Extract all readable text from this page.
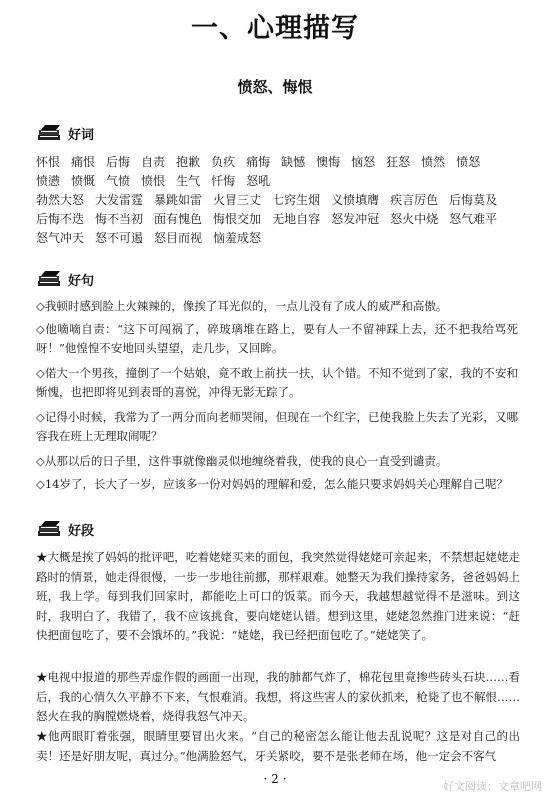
一、心理描写
愤怒、悔恨
好词
怀恨 痛恨 后悔 自责 抱歉 负疚 痛悔 缺憾 懊悔 恼怒 狂怒 愤然 愤怒
愤懑 愤慨 气愤 愤恨 生气 忏悔 怒吼
勃然大怒 大发雷霆 暴跳如雷 火冒三丈 七窍生烟 义愤填膺 疾言厉色 后悔莫及
后悔不迭 悔不当初 面有愧色 悔恨交加 无地自容 怒发冲冠 怒火中烧 怒气难平
怒气冲天 怒不可遏 怒目而视 恼羞成怒
好句
◇我顿时感到脸上火辣辣的，像挨了耳光似的，一点儿没有了成人的威严和高傲。
◇他嘀嘀自责：“这下可闯祸了，碎玻璃堆在路上，要有人一不留神踩上去，还不把我给骂死呀！”他惶惶不安地回头望望，走几步，又回眸。
◇偌大一个男孩，撞倒了一个姑娘，竟不敢上前扶一扶，认个错。不知不觉到了家，我的不安和惭愧，也把即将见到表哥的喜悦，冲得无影无踪了。
◇记得小时候，我常为了一两分而向老师哭闹，但现在一个红字，已使我脸上失去了光彩，又哪容我在班上无理取闹呢？
◇从那以后的日子里，这件事就像幽灵似地缠绕着我，使我的良心一直受到谴责。
◇14岁了，长大了一岁，应该多一份对妈妈的理解和爱，怎么能只要求妈妈关心理解自己呢？
好段
★大概是挨了妈妈的批评吧，吃着姥姥买来的面包，我突然觉得姥姥可亲起来，不禁想起姥姥走路时的情景，她走得很慢，一步一步地往前挪，那样艰难。她整天为我们操持家务，爸爸妈妈上班，我上学。每到我们回家时，都能吃上可口的饭菜。而今天，我越想越觉得不是滋味。到这时，我明白了，我错了，我不应该挑食，要向姥姥认错。想到这里，姥姥忽然推门进来说：“赶快把面包吃了，要不会饿坏的。”我说：“姥姥，我已经把面包吃了。”姥姥笑了。
★电视中报道的那些弄虚作假的画面一出现，我的肺都气炸了，棉花包里竟掺些砖头石块……看后，我的心情久久平静不下来，气恨难消。我想，将这些害人的家伙抓来，枪毙了也不解恨……怒火在我的胸膛燃烧着，烧得我怒气冲天。
★他两眼盯着张强，眼睛里要冒出火来。“自己的秘密怎么能让他去乱说呢？这是对自己的出卖！还是好朋友呢，真过分。”他满脸怒气，牙关紧咬，要不是张老师在场，他一定会不客气
· 2 ·
好文阅读：文章吧网
